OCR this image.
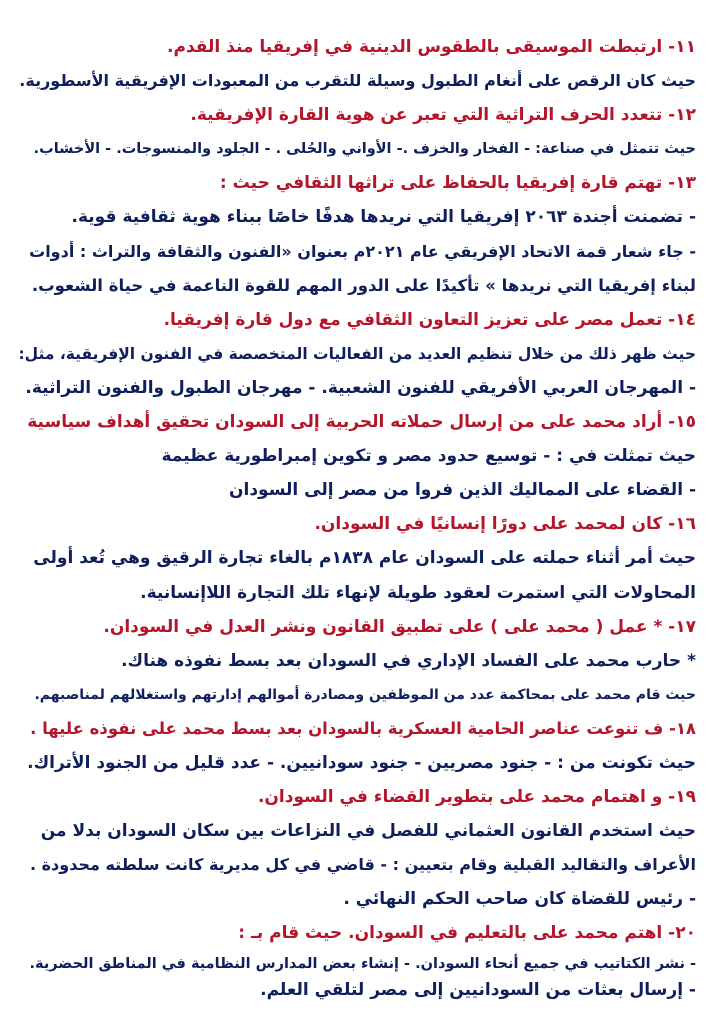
١١- ارتبطت الموسيقى بالطقوس الدينية في إفريقيا منذ القدم.
حيث كان الرقص على أنغام الطبول وسيلة للتقرب من المعبودات الإفريقية الأسطورية.
١٢- تتعدد الحرف التراثية التي تعبر عن هوية القارة الإفريقية.
حيث تتمثل في صناعة: - الفخار والخزف .- الأواني والحُلى . - الجلود والمنسوجات. - الأخشاب.
١٣- تهتم قارة إفريقيا بالحفاظ على تراثها الثقافي حيث :
- تضمنت أجندة ٢٠٦٣ إفريقيا التي نريدها هدفًا خاصًا ببناء هوية ثقافية قوية.
- جاء شعار قمة الاتحاد الإفريقي عام ٢٠٢١م بعنوان «الفنون والثقافة والتراث : أدوات
لبناء إفريقيا التي نريدها » تأكيدًا على الدور المهم للقوة الناعمة في حياة الشعوب.
١٤- تعمل مصر على تعزيز التعاون الثقافي مع دول قارة إفريقيا.
حيث ظهر ذلك من خلال تنظيم العديد من الفعاليات المتخصصة في الفنون الإفريقية، مثل:
- المهرجان العربي الأفريقي للفنون الشعبية. - مهرجان الطبول والفنون التراثية.
١٥- أراد محمد على من إرسال حملاته الحربية إلى السودان تحقيق أهداف سياسية
حيث تمثلت في : - توسيع حدود مصر و تكوين إمبراطورية عظيمة
- القضاء على المماليك الذين فروا من مصر إلى السودان
١٦- كان لمحمد على دورًا إنسانيًا في السودان.
حيث أمر أثناء حملته على السودان عام ١٨٣٨م بالغاء تجارة الرقيق وهي تُعد أولى
المحاولات التي استمرت لعقود طويلة لإنهاء تلك التجارة اللاإنسانية.
١٧- * عمل ( محمد على ) على تطبيق القانون ونشر العدل في السودان.
* حارب محمد على الفساد الإداري في السودان بعد بسط نفوذه هناك.
حيث قام محمد على بمحاكمة عدد من الموظفين ومصادرة أموالهم إدارتهم واستغلالهم لمناصبهم.
١٨- ف تنوعت عناصر الحامية العسكرية بالسودان بعد بسط محمد على نفوذه عليها .
حيث تكونت من : - جنود مصريين - جنود سودانيين. - عدد قليل من الجنود الأتراك.
١٩- و اهتمام محمد على بتطوير القضاء في السودان.
حيث استخدم القانون العثماني للفصل في النزاعات بين سكان السودان بدلا من
الأعراف والتقاليد القبلية وقام بتعيين : - قاضي في كل مديرية كانت سلطته محدودة .
- رئيس للقضاة كان صاحب الحكم النهائي .
٢٠- اهتم محمد على بالتعليم في السودان. حيث قام بـ :
- نشر الكتاتيب في جميع أنحاء السودان. - إنشاء بعض المدارس النظامية في المناطق الحضرية.
- إرسال بعثات من السودانيين إلى مصر لتلقي العلم.
